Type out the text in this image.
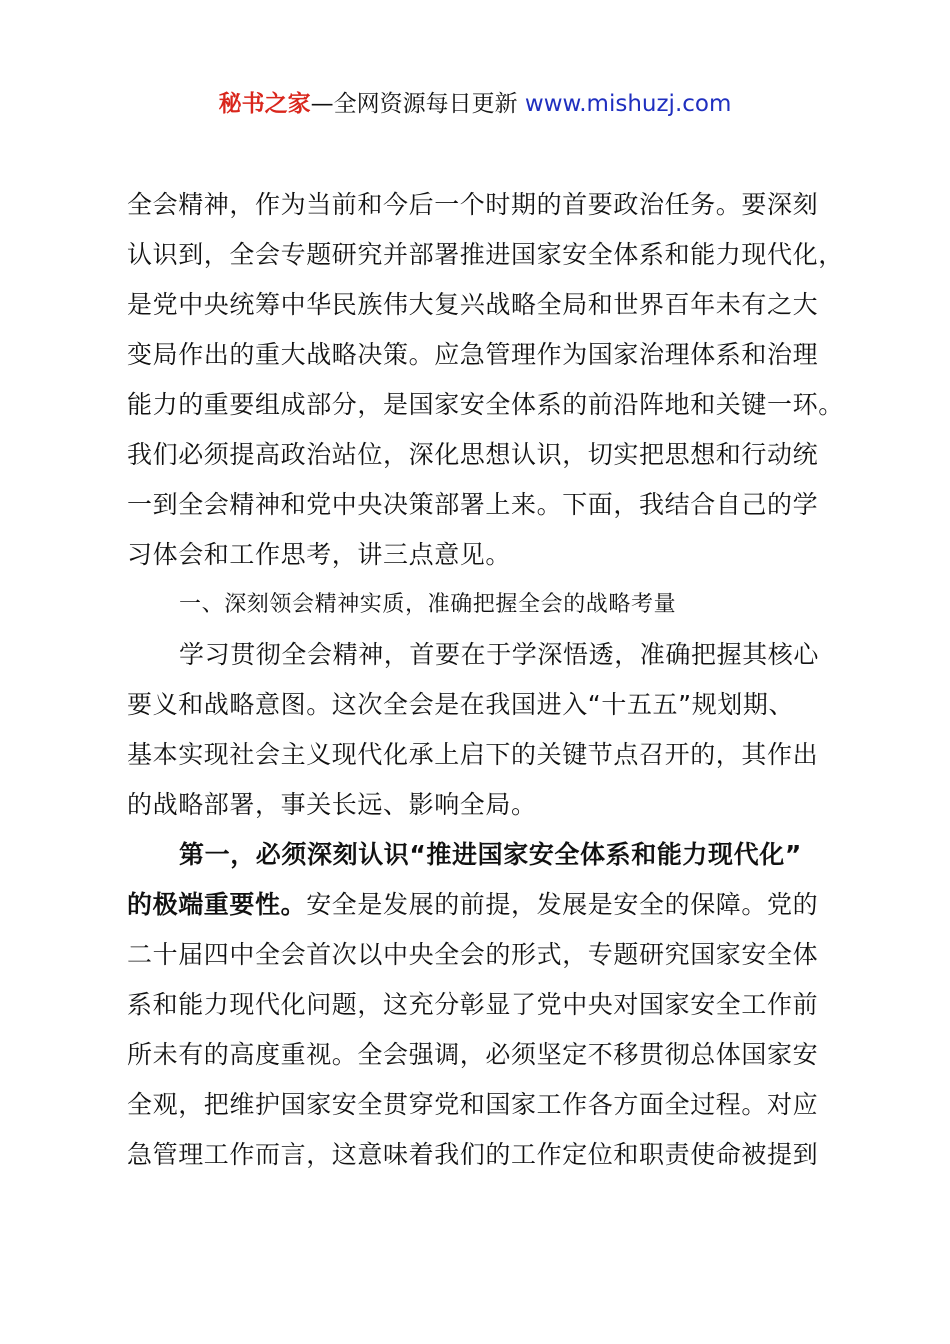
秘书之家—全网资源每日更新 www.mishuzj.com
全会精神，作为当前和今后一个时期的首要政治任务。要深刻
认识到，全会专题研究并部署推进国家安全体系和能力现代化，
是党中央统筹中华民族伟大复兴战略全局和世界百年未有之大
变局作出的重大战略决策。应急管理作为国家治理体系和治理
能力的重要组成部分，是国家安全体系的前沿阵地和关键一环。
我们必须提高政治站位，深化思想认识，切实把思想和行动统
一到全会精神和党中央决策部署上来。下面，我结合自己的学
习体会和工作思考，讲三点意见。
一、深刻领会精神实质，准确把握全会的战略考量
学习贯彻全会精神，首要在于学深悟透，准确把握其核心
要义和战略意图。这次全会是在我国进入“十五五”规划期、
基本实现社会主义现代化承上启下的关键节点召开的，其作出
的战略部署，事关长远、影响全局。
第一，必须深刻认识“推进国家安全体系和能力现代化”
的极端重要性。安全是发展的前提，发展是安全的保障。党的
二十届四中全会首次以中央全会的形式，专题研究国家安全体
系和能力现代化问题，这充分彰显了党中央对国家安全工作前
所未有的高度重视。全会强调，必须坚定不移贯彻总体国家安
全观，把维护国家安全贯穿党和国家工作各方面全过程。对应
急管理工作而言，这意味着我们的工作定位和职责使命被提到
